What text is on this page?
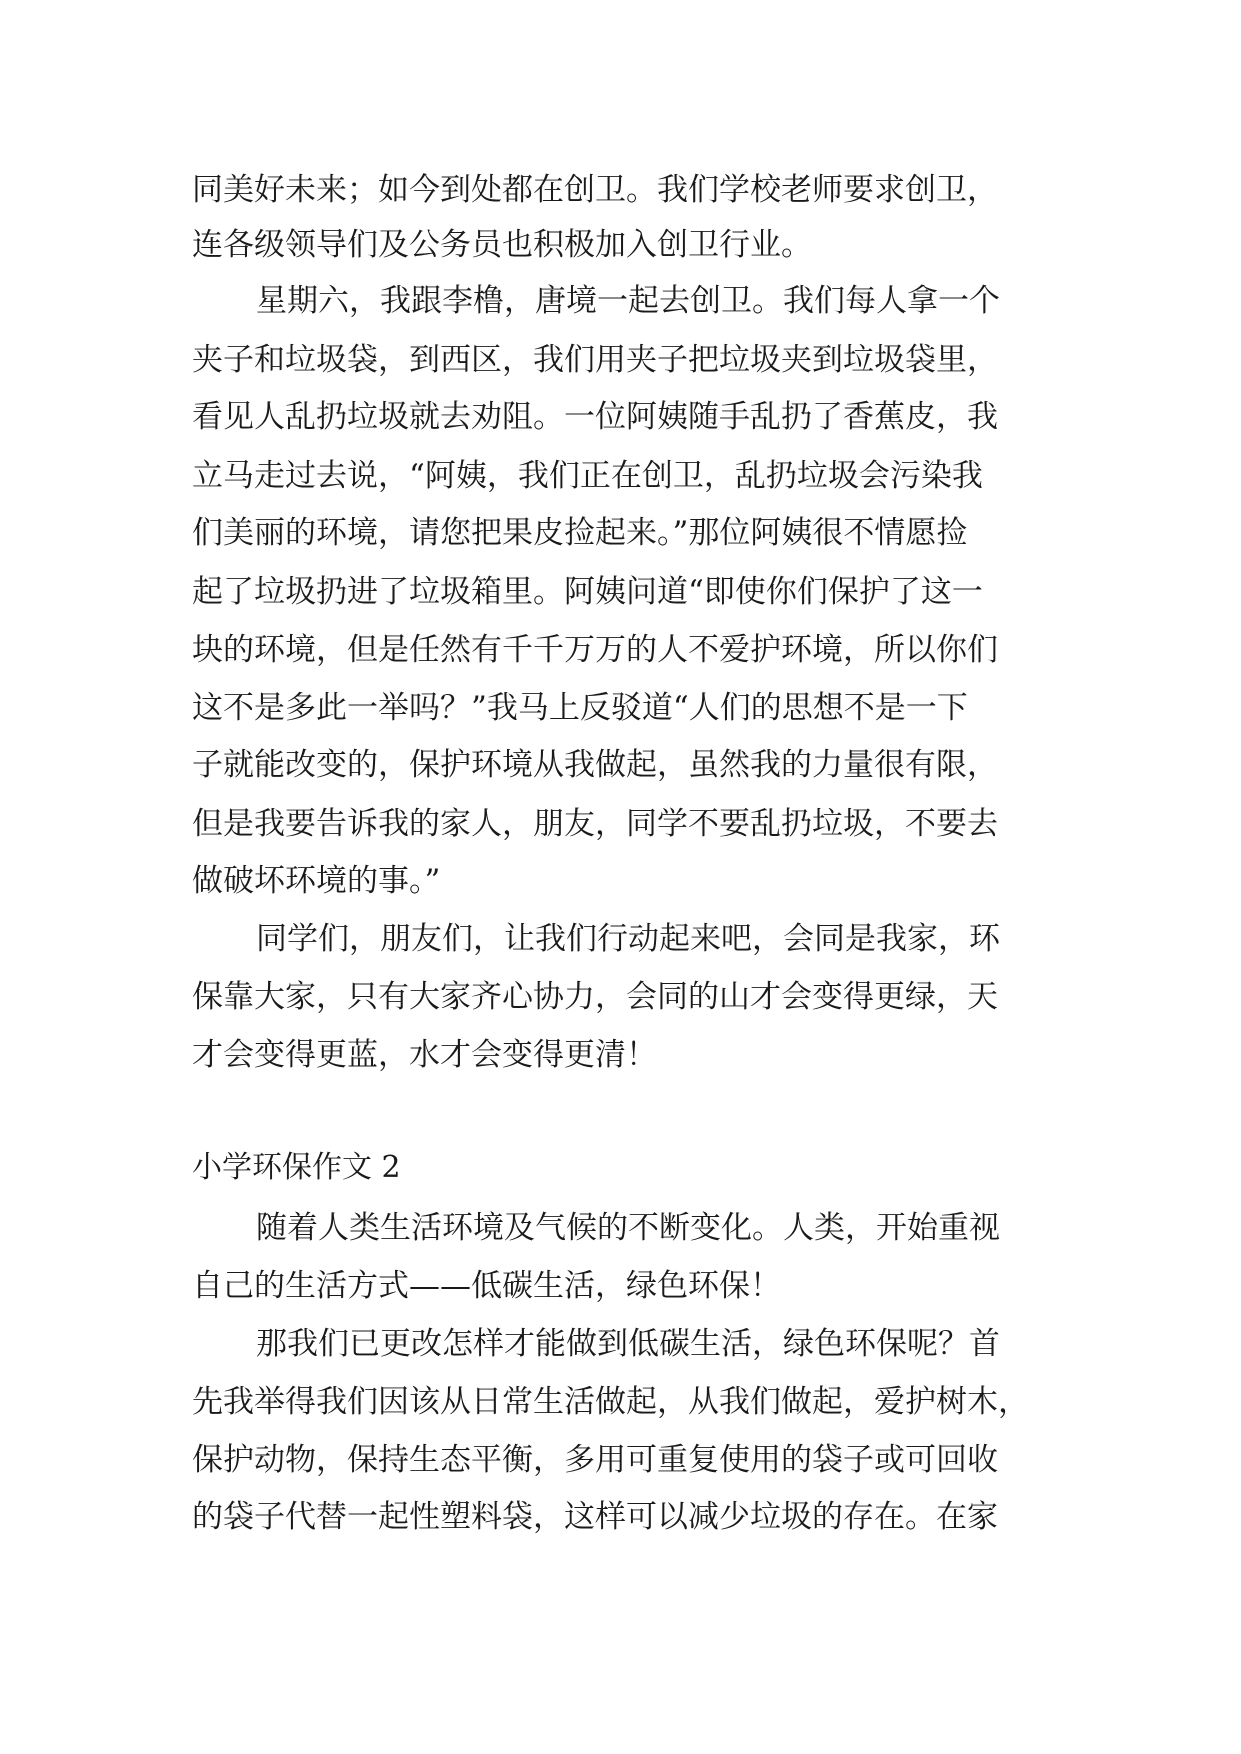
同美好未来；如今到处都在创卫。我们学校老师要求创卫，
连各级领导们及公务员也积极加入创卫行业。
星期六，我跟李橹，唐境一起去创卫。我们每人拿一个
夹子和垃圾袋，到西区，我们用夹子把垃圾夹到垃圾袋里，
看见人乱扔垃圾就去劝阻。一位阿姨随手乱扔了香蕉皮，我
立马走过去说，“阿姨，我们正在创卫，乱扔垃圾会污染我
们美丽的环境，请您把果皮捡起来。”那位阿姨很不情愿捡
起了垃圾扔进了垃圾箱里。阿姨问道“即使你们保护了这一
块的环境，但是任然有千千万万的人不爱护环境，所以你们
这不是多此一举吗？”我马上反驳道“人们的思想不是一下
子就能改变的，保护环境从我做起，虽然我的力量很有限，
但是我要告诉我的家人，朋友，同学不要乱扔垃圾，不要去
做破坏环境的事。”
同学们，朋友们，让我们行动起来吧，会同是我家，环
保靠大家，只有大家齐心协力，会同的山才会变得更绿，天
才会变得更蓝，水才会变得更清！
小学环保作文 2
随着人类生活环境及气候的不断变化。人类，开始重视
自己的生活方式——低碳生活，绿色环保！
那我们已更改怎样才能做到低碳生活，绿色环保呢？首
先我举得我们因该从日常生活做起，从我们做起，爱护树木，
保护动物，保持生态平衡，多用可重复使用的袋子或可回收
的袋子代替一起性塑料袋，这样可以减少垃圾的存在。在家
